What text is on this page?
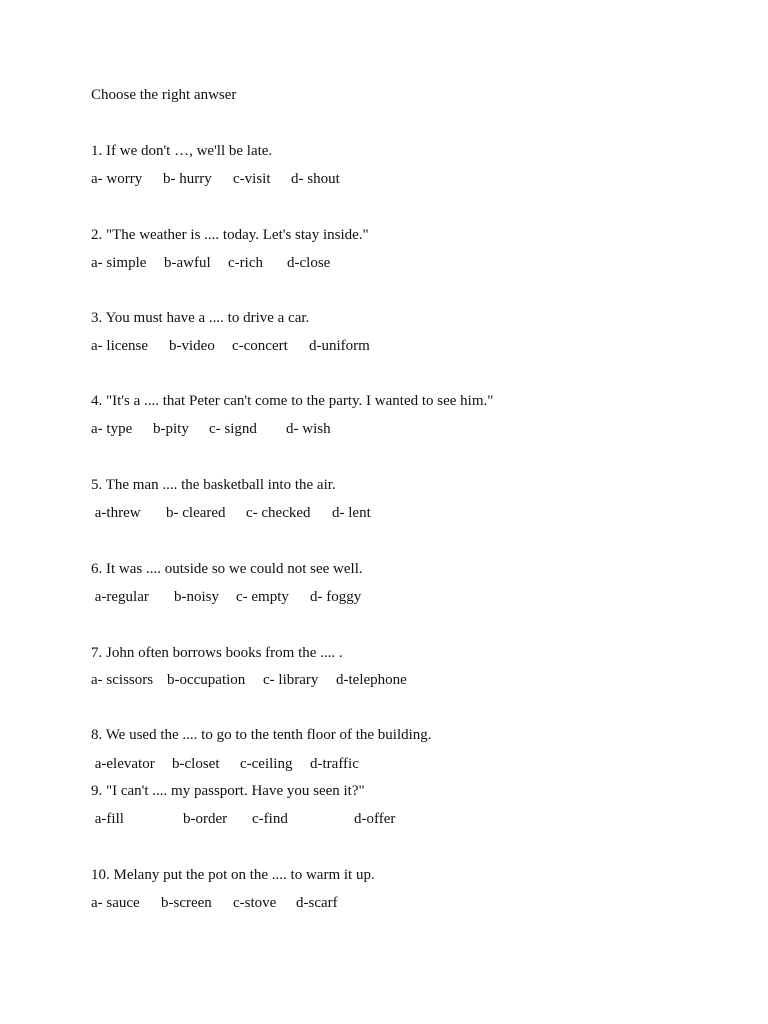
Choose the right anwser
1. If we don't …, we'll be late.

a- worry

b- hurry

c-visit

d- shout

2. "The weather is .... today. Let's stay inside."

a- simple

b-awful

c-rich

d-close

3. You must have a .... to drive a car.

a- license

b-video

c-concert

d-uniform

4. "It's a .... that Peter can't come to the party. I wanted to see him."

a- type

b-pity

c- signd

d- wish

5. The man .... the basketball into the air.

a-threw

b- cleared

c- checked

d- lent

6. It was .... outside so we could not see well.

a-regular

b-noisy

c- empty

d- foggy

7. John often borrows books from the .... .

a- scissors

b-occupation

c- library

d-telephone

8. We used the .... to go to the tenth floor of the building.

a-elevator

b-closet

c-ceiling

d-traffic

9. "I can't .... my passport. Have you seen it?"

a-fill

	b-order

c-find

	d-offer

10. Melany put the pot on the .... to warm it up.

a- sauce

b-screen

c-stove

d-scarf
